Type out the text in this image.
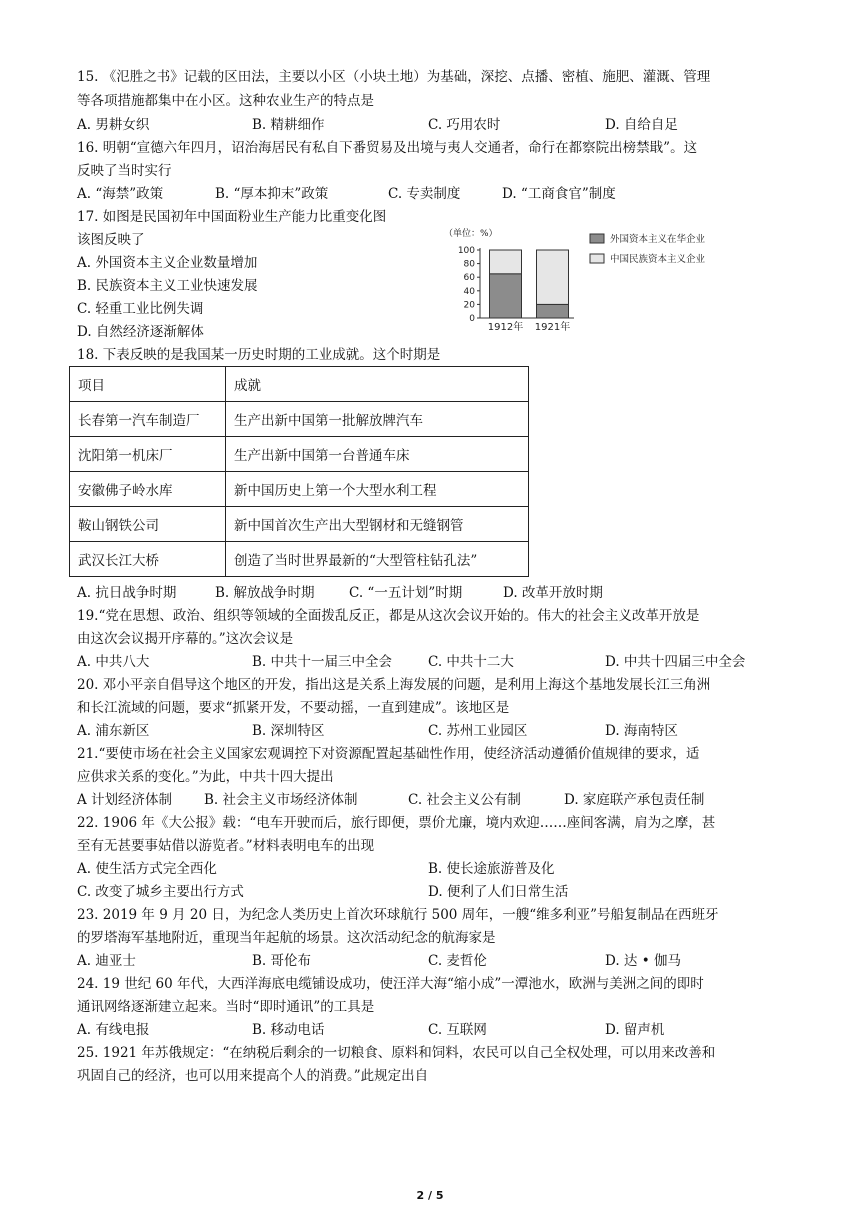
15. 《氾胜之书》记载的区田法，主要以小区（小块土地）为基础，深挖、点播、密植、施肥、灌溉、管理
等各项措施都集中在小区。这种农业生产的特点是
A. 男耕女织	B. 精耕细作	C. 巧用农时	D. 自给自足
16. 明朝“宣德六年四月，诏治海居民有私自下番贸易及出境与夷人交通者，命行在都察院出榜禁戢”。这
反映了当时实行
A. “海禁”政策	B. “厚本抑末”政策	C. 专卖制度	D. “工商食官”制度
17. 如图是民国初年中国面粉业生产能力比重变化图
该图反映了
A. 外国资本主义企业数量增加
B. 民族资本主义工业快速发展
C. 轻重工业比例失调
D. 自然经济逐渐解体
（单位：%）
0
20
40
60
80
100
1912年 1921年
外国资本主义在华企业
中国民族资本主义企业
18. 下表反映的是我国某一历史时期的工业成就。这个时期是
项目	成就
长春第一汽车制造厂	生产出新中国第一批解放牌汽车
沈阳第一机床厂	生产出新中国第一台普通车床
安徽佛子岭水库	新中国历史上第一个大型水利工程
鞍山钢铁公司	新中国首次生产出大型钢材和无缝钢管
武汉长江大桥	创造了当时世界最新的“大型管柱钻孔法”
A. 抗日战争时期	B. 解放战争时期	C. “一五计划”时期	D. 改革开放时期
19.“党在思想、政治、组织等领域的全面拨乱反正，都是从这次会议开始的。伟大的社会主义改革开放是
由这次会议揭开序幕的。”这次会议是
A. 中共八大	B. 中共十一届三中全会	C. 中共十二大	D. 中共十四届三中全会
20. 邓小平亲自倡导这个地区的开发，指出这是关系上海发展的问题，是利用上海这个基地发展长江三角洲
和长江流域的问题，要求“抓紧开发，不要动摇，一直到建成”。该地区是
A. 浦东新区	B. 深圳特区	C. 苏州工业园区	D. 海南特区
21.“要使市场在社会主义国家宏观调控下对资源配置起基础性作用，使经济活动遵循价值规律的要求，适
应供求关系的变化。”为此，中共十四大提出
A 计划经济体制 B. 社会主义市场经济体制	C. 社会主义公有制	D. 家庭联产承包责任制
22. 1906 年《大公报》载：“电车开驶而后，旅行即便，票价尤廉，境内欢迎……座间客满，肩为之摩，甚
至有无甚要事姑借以游览者。”材料表明电车的出现
A. 使生活方式完全西化	B. 使长途旅游普及化
C. 改变了城乡主要出行方式	D. 便利了人们日常生活
23. 2019 年 9 月 20 日，为纪念人类历史上首次环球航行 500 周年，一艘“维多利亚”号船复制品在西班牙
的罗塔海军基地附近，重现当年起航的场景。这次活动纪念的航海家是
A. 迪亚士	B. 哥伦布	C. 麦哲伦	D. 达 • 伽马
24. 19 世纪 60 年代，大西洋海底电缆铺设成功，使汪洋大海“缩小成”一潭池水，欧洲与美洲之间的即时
通讯网络逐渐建立起来。当时“即时通讯”的工具是
A. 有线电报	B. 移动电话	C. 互联网	D. 留声机
25. 1921 年苏俄规定：“在纳税后剩余的一切粮食、原料和饲料，农民可以自己全权处理，可以用来改善和
巩固自己的经济，也可以用来提高个人的消费。”此规定出自
2 / 5
